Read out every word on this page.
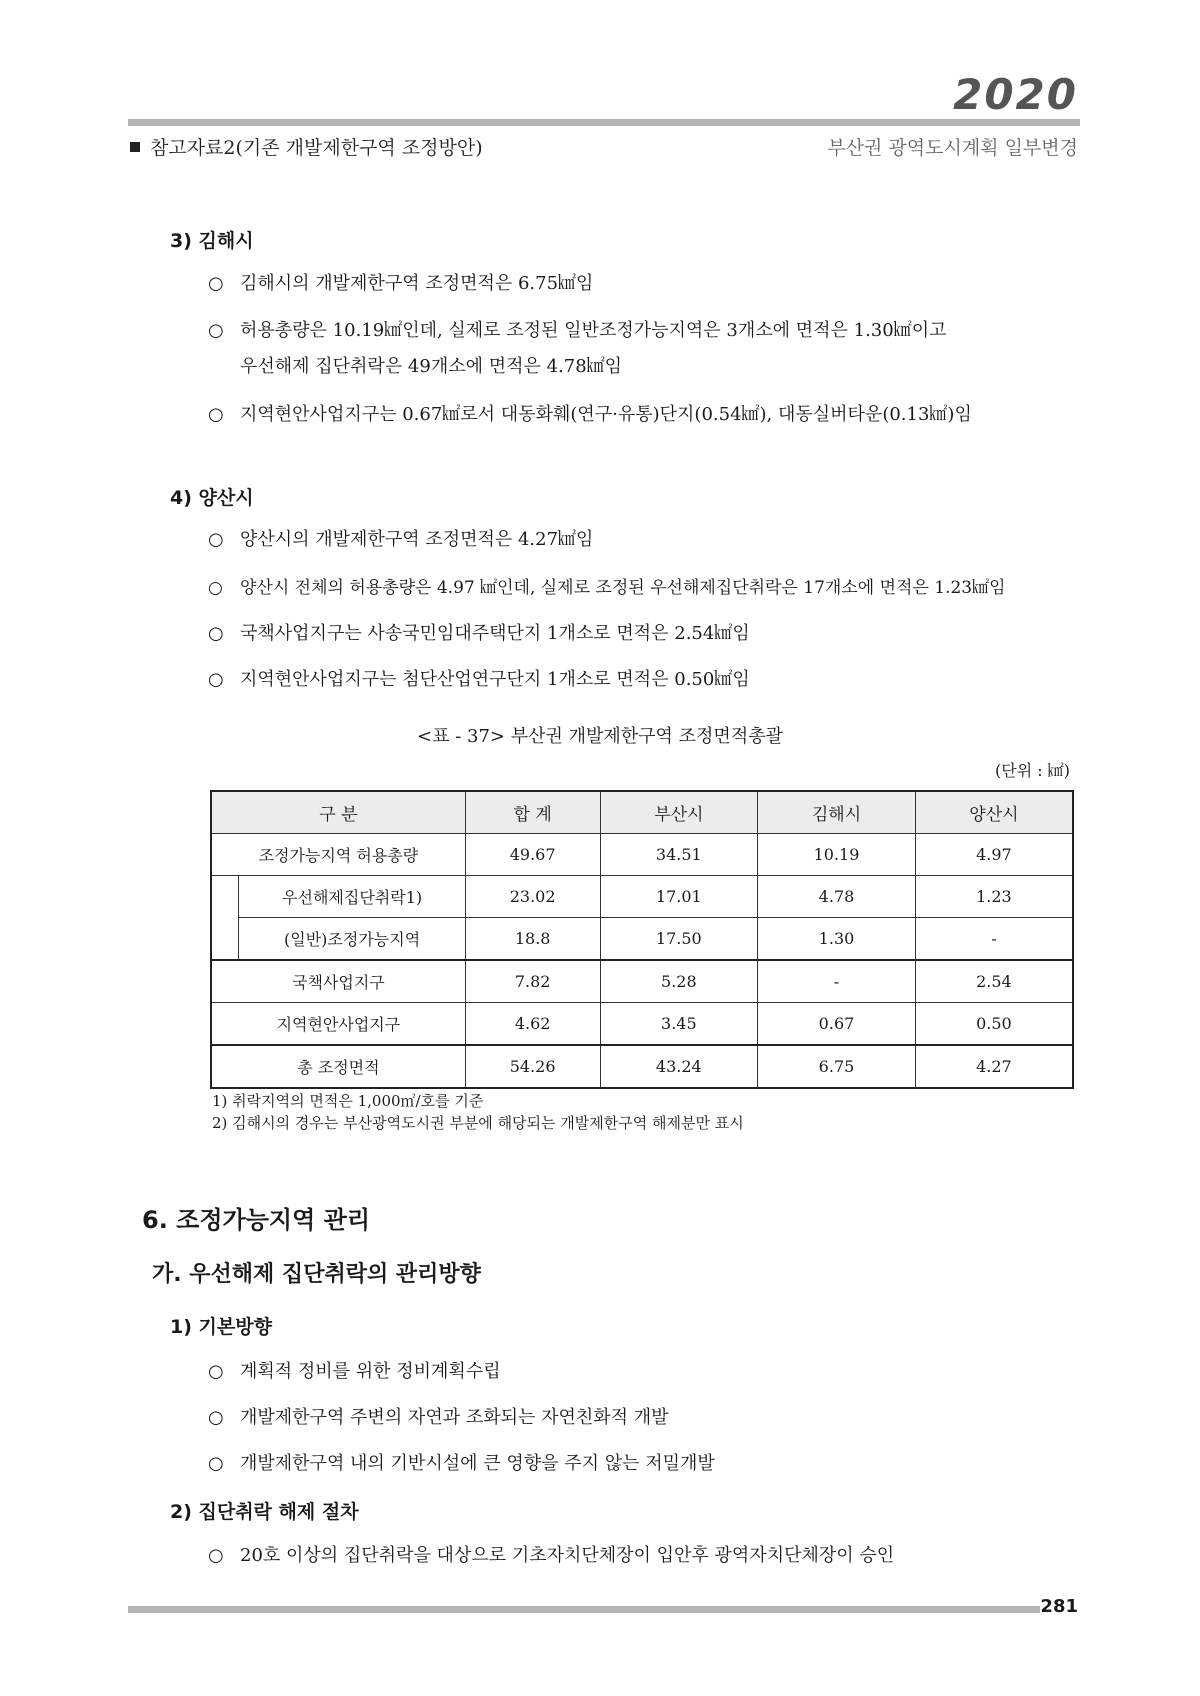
2020
참고자료2(기존 개발제한구역 조정방안)	부산권 광역도시계획 일부변경
3) 김해시
○ 김해시의 개발제한구역 조정면적은 6.75㎢임
○ 허용총량은 10.19㎢인데, 실제로 조정된 일반조정가능지역은 3개소에 면적은 1.30㎢이고
우선해제 집단취락은 49개소에 면적은 4.78㎢임
○ 지역현안사업지구는 0.67㎢로서 대동화훼(연구·유통)단지(0.54㎢), 대동실버타운(0.13㎢)임
4) 양산시
○ 양산시의 개발제한구역 조정면적은 4.27㎢임
○ 양산시 전체의 허용총량은 4.97 ㎢인데, 실제로 조정된 우선해제집단취락은 17개소에 면적은 1.23㎢임
○ 국책사업지구는 사송국민임대주택단지 1개소로 면적은 2.54㎢임
○ 지역현안사업지구는 첨단산업연구단지 1개소로 면적은 0.50㎢임
<표 - 37> 부산권 개발제한구역 조정면적총괄
(단위 : ㎢)
구 분		합 계	부산시	김해시	양산시
조정가능지역 허용총량		49.67	34.51	10.19	4.97
	우선해제집단취락1)	23.02	17.01	4.78	1.23
	(일반)조정가능지역	18.8	17.50	1.30	-
국책사업지구		7.82	5.28	-	2.54
지역현안사업지구		4.62	3.45	0.67	0.50
총 조정면적		54.26	43.24	6.75	4.27
1) 취락지역의 면적은 1,000㎡/호를 기준
2) 김해시의 경우는 부산광역도시권 부분에 해당되는 개발제한구역 해제분만 표시
6. 조정가능지역 관리
가. 우선해제 집단취락의 관리방향
1) 기본방향
○ 계획적 정비를 위한 정비계획수립
○ 개발제한구역 주변의 자연과 조화되는 자연친화적 개발
○ 개발제한구역 내의 기반시설에 큰 영향을 주지 않는 저밀개발
2) 집단취락 해제 절차
○ 20호 이상의 집단취락을 대상으로 기초자치단체장이 입안후 광역자치단체장이 승인
281
